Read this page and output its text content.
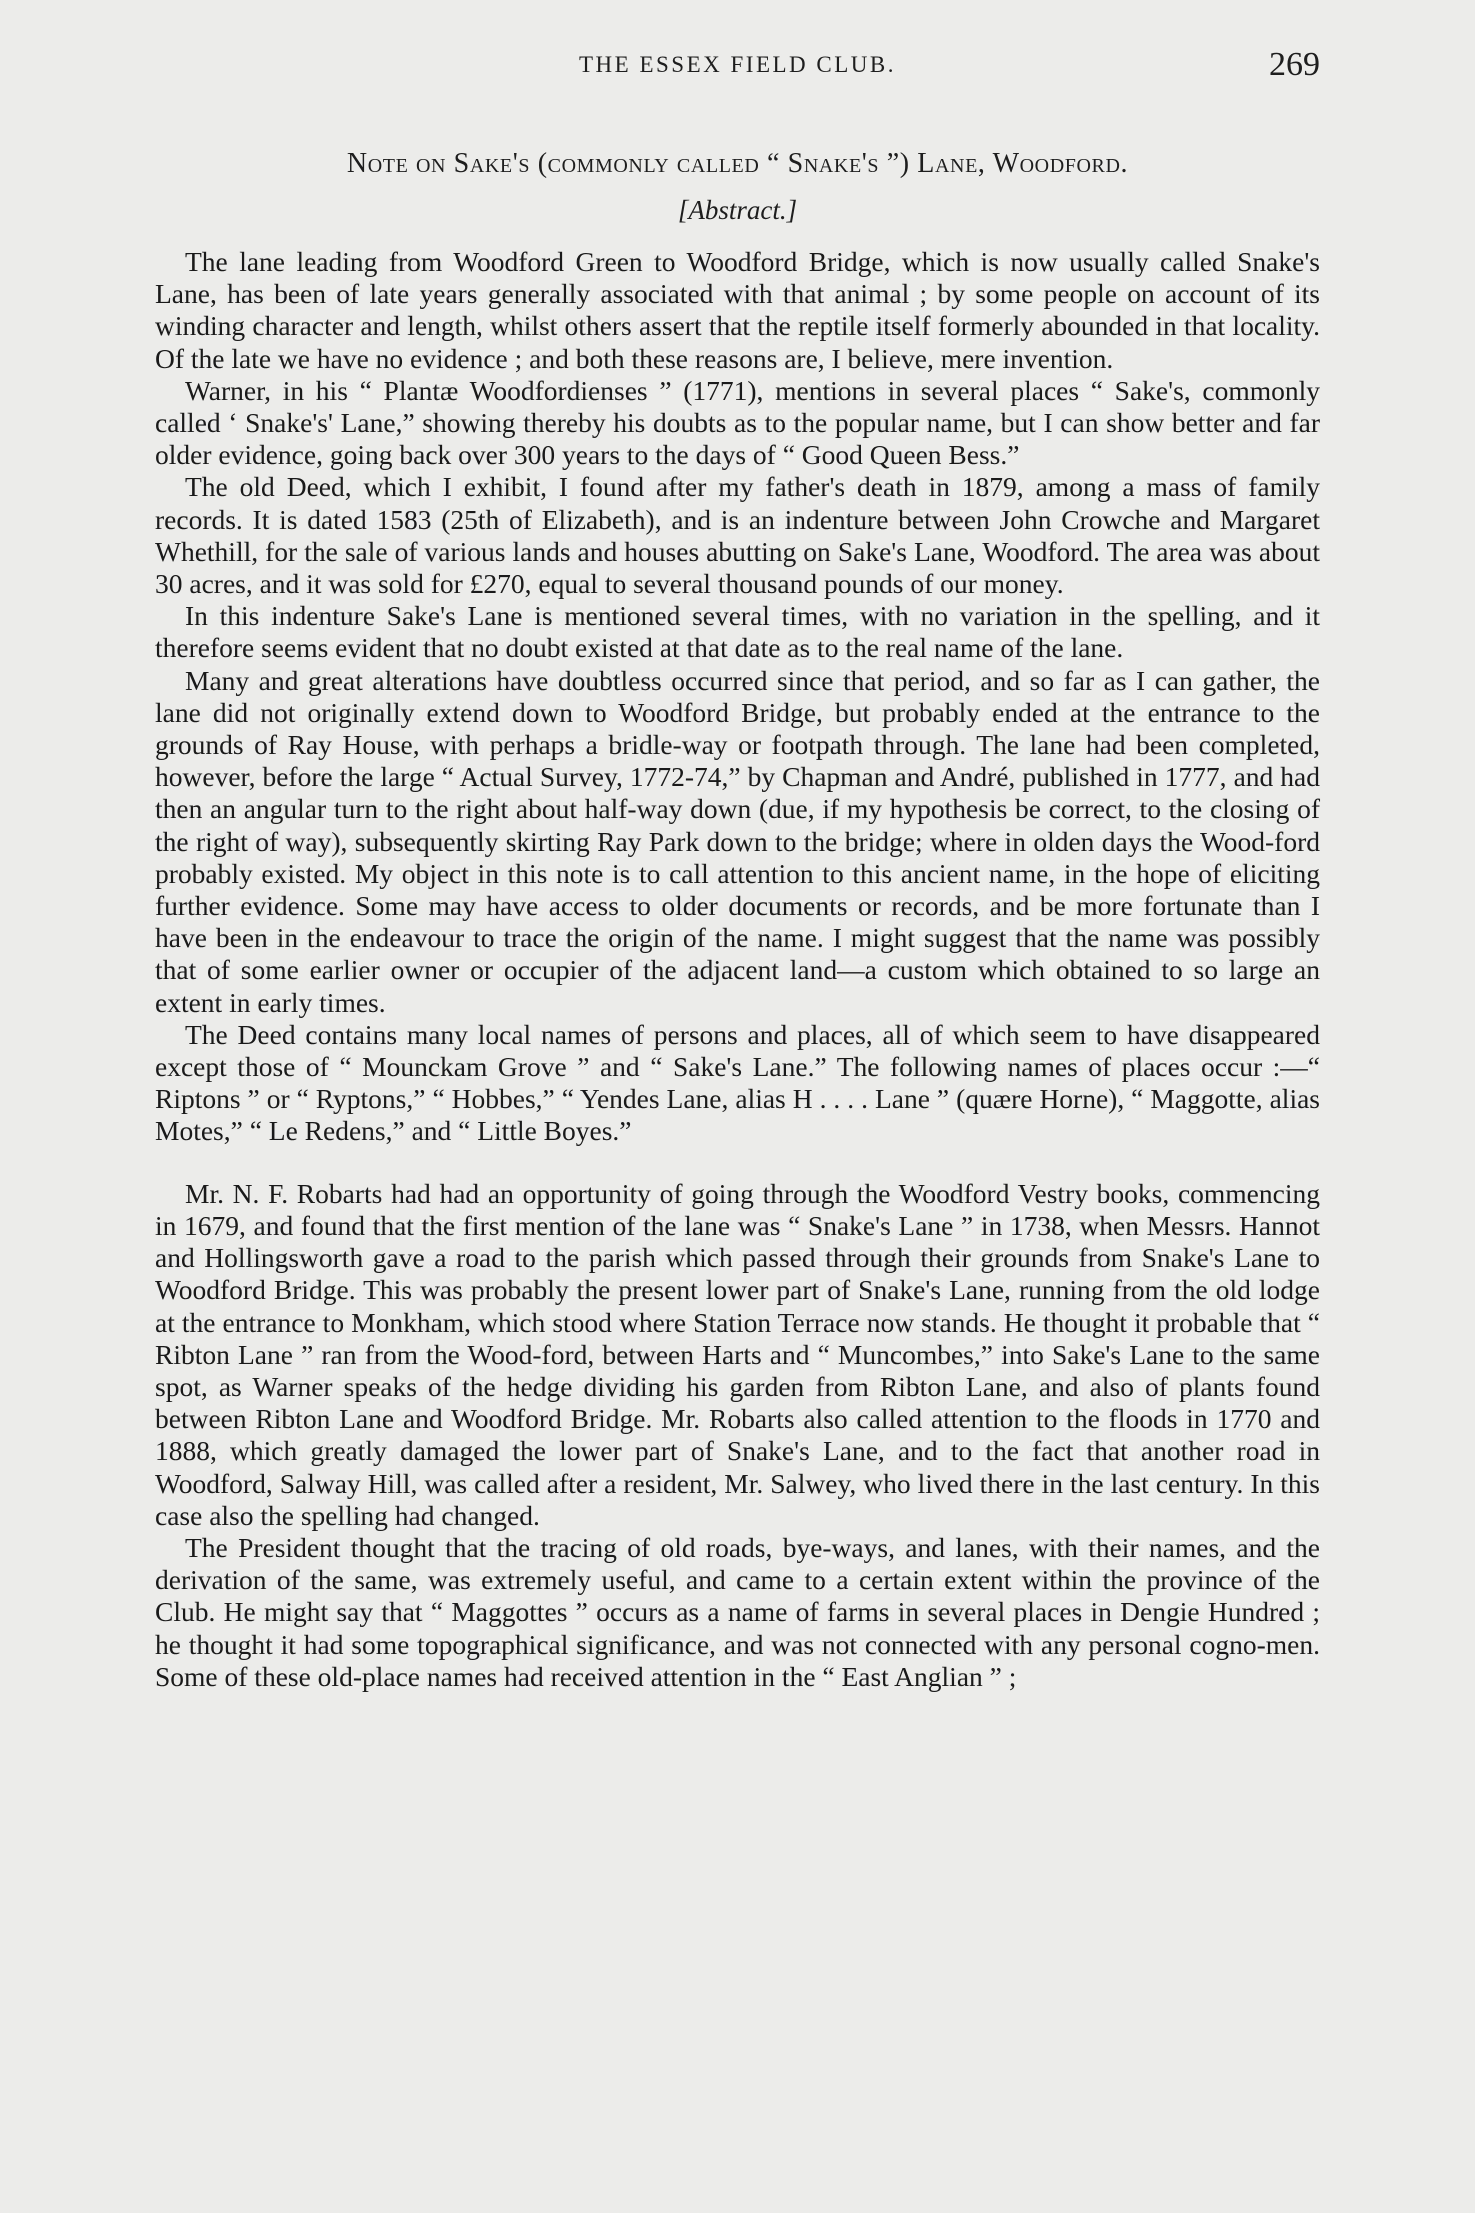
THE ESSEX FIELD CLUB.	269
Note on Sake's (commonly called “ Snake's ”) Lane, Woodford.
[Abstract.]

The lane leading from Woodford Green to Woodford Bridge, which is now usually called Snake's Lane, has been of late years generally associated with that animal ; by some people on account of its winding character and length, whilst others assert that the reptile itself formerly abounded in that locality. Of the late we have no evidence ; and both these reasons are, I believe, mere invention.

Warner, in his “ Plantæ Woodfordienses ” (1771), mentions in several places “ Sake's, commonly called ‘ Snake's' Lane,” showing thereby his doubts as to the popular name, but I can show better and far older evidence, going back over 300 years to the days of “ Good Queen Bess.”

The old Deed, which I exhibit, I found after my father's death in 1879, among a mass of family records. It is dated 1583 (25th of Elizabeth), and is an indenture between John Crowche and Margaret Whethill, for the sale of various lands and houses abutting on Sake's Lane, Woodford. The area was about 30 acres, and it was sold for £270, equal to several thousand pounds of our money.

In this indenture Sake's Lane is mentioned several times, with no variation in the spelling, and it therefore seems evident that no doubt existed at that date as to the real name of the lane.

Many and great alterations have doubtless occurred since that period, and so far as I can gather, the lane did not originally extend down to Woodford Bridge, but probably ended at the entrance to the grounds of Ray House, with perhaps a bridle-way or footpath through. The lane had been completed, however, before the large “ Actual Survey, 1772-74,” by Chapman and André, published in 1777, and had then an angular turn to the right about half-way down (due, if my hypothesis be correct, to the closing of the right of way), subsequently skirting Ray Park down to the bridge; where in olden days the Wood-ford probably existed. My object in this note is to call attention to this ancient name, in the hope of eliciting further evidence. Some may have access to older documents or records, and be more fortunate than I have been in the endeavour to trace the origin of the name. I might suggest that the name was possibly that of some earlier owner or occupier of the adjacent land—a custom which obtained to so large an extent in early times.

The Deed contains many local names of persons and places, all of which seem to have disappeared except those of “ Mounckam Grove ” and “ Sake's Lane.” The following names of places occur :—“ Riptons ” or “ Ryptons,” “ Hobbes,” “ Yendes Lane, alias H . . . . Lane ” (quære Horne), “ Maggotte, alias Motes,” “ Le Redens,” and “ Little Boyes.”

Mr. N. F. Robarts had had an opportunity of going through the Woodford Vestry books, commencing in 1679, and found that the first mention of the lane was “ Snake's Lane ” in 1738, when Messrs. Hannot and Hollingsworth gave a road to the parish which passed through their grounds from Snake's Lane to Woodford Bridge. This was probably the present lower part of Snake's Lane, running from the old lodge at the entrance to Monkham, which stood where Station Terrace now stands. He thought it probable that “ Ribton Lane ” ran from the Wood-ford, between Harts and “ Muncombes,” into Sake's Lane to the same spot, as Warner speaks of the hedge dividing his garden from Ribton Lane, and also of plants found between Ribton Lane and Woodford Bridge. Mr. Robarts also called attention to the floods in 1770 and 1888, which greatly damaged the lower part of Snake's Lane, and to the fact that another road in Woodford, Salway Hill, was called after a resident, Mr. Salwey, who lived there in the last century. In this case also the spelling had changed.

The President thought that the tracing of old roads, bye-ways, and lanes, with their names, and the derivation of the same, was extremely useful, and came to a certain extent within the province of the Club. He might say that “ Maggottes ” occurs as a name of farms in several places in Dengie Hundred ; he thought it had some topographical significance, and was not connected with any personal cogno-men. Some of these old-place names had received attention in the “ East Anglian ” ;
